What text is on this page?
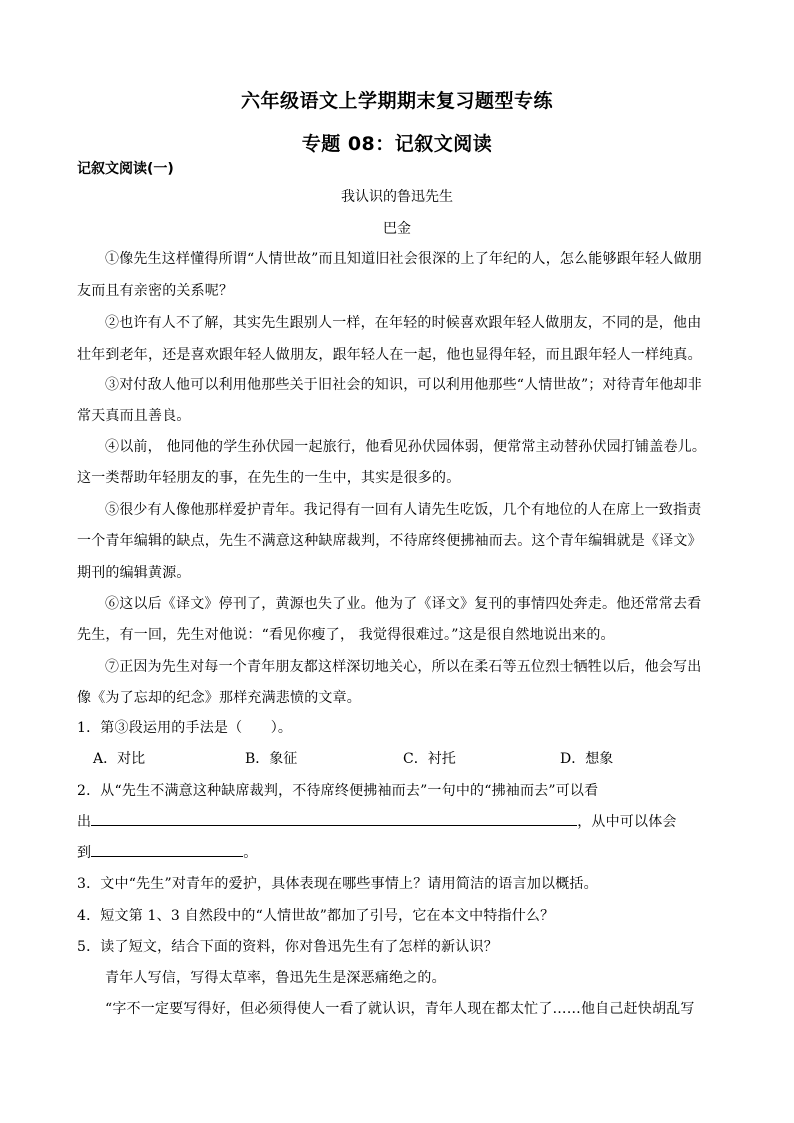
六年级语文上学期期末复习题型专练
专题 08：记叙文阅读
记叙文阅读(一)
我认识的鲁迅先生
巴金
①像先生这样懂得所谓“人情世故”而且知道旧社会很深的上了年纪的人，怎么能够跟年轻人做朋
友而且有亲密的关系呢？
②也许有人不了解，其实先生跟别人一样，在年轻的时候喜欢跟年轻人做朋友，不同的是，他由
壮年到老年，还是喜欢跟年轻人做朋友，跟年轻人在一起，他也显得年轻，而且跟年轻人一样纯真。
③对付敌人他可以利用他那些关于旧社会的知识，可以利用他那些“人情世故”；对待青年他却非
常天真而且善良。
④以前， 他同他的学生孙伏园一起旅行，他看见孙伏园体弱，便常常主动替孙伏园打铺盖卷儿。
这一类帮助年轻朋友的事，在先生的一生中，其实是很多的。
⑤很少有人像他那样爱护青年。我记得有一回有人请先生吃饭，几个有地位的人在席上一致指责
一个青年编辑的缺点，先生不满意这种缺席裁判，不待席终便拂袖而去。这个青年编辑就是《译文》
期刊的编辑黄源。
⑥这以后《译文》停刊了，黄源也失了业。他为了《译文》复刊的事情四处奔走。他还常常去看
先生，有一回，先生对他说：“看见你瘦了， 我觉得很难过。”这是很自然地说出来的。
⑦正因为先生对每一个青年朋友都这样深切地关心，所以在柔石等五位烈士牺牲以后，他会写出
像《为了忘却的纪念》那样充满悲愤的文章。
1．第③段运用的手法是（　　）。
A．对比	B．象征	C．衬托	D．想象
2．从“先生不满意这种缺席裁判，不待席终便拂袖而去”一句中的“拂袖而去”可以看
出	，从中可以体会
到	。
3．文中“先生”对青年的爱护，具体表现在哪些事情上？请用简洁的语言加以概括。
4．短文第 1、3 自然段中的“人情世故”都加了引号，它在本文中特指什么？
5．读了短文，结合下面的资料，你对鲁迅先生有了怎样的新认识？
青年人写信，写得太草率，鲁迅先生是深恶痛绝之的。
“字不一定要写得好，但必须得使人一看了就认识，青年人现在都太忙了……他自己赶快胡乱写
